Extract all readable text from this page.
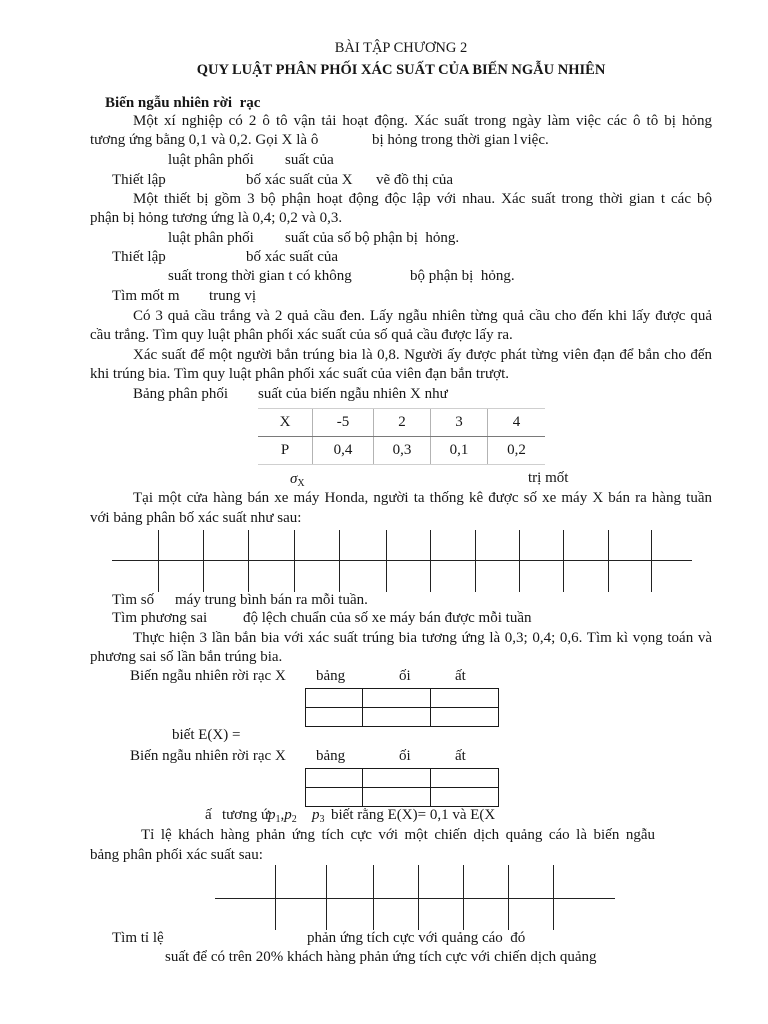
BÀI TẬP CHƯƠNG 2
QUY LUẬT PHÂN PHỐI XÁC SUẤT CỦA BIẾN NGẪU NHIÊN
Biến ngẫu nhiên rời  rạc
Một xí nghiệp có 2 ô tô vận tải hoạt động. Xác suất trong ngày làm việc các ô tô bị hỏng
tương ứng bằng 0,1 và 0,2. Gọi X là ô	bị hỏng trong thời gian l việc.
luật phân phối suất của
Thiết lập	bố xác suất của X vẽ đồ thị của
Một thiết bị gồm 3 bộ phận hoạt động độc lập với nhau. Xác suất trong thời gian t các bộ
phận bị hỏng tương ứng là 0,4; 0,2 và 0,3.
luật phân phối suất của số bộ phận bị  hỏng.
Thiết lập	bố xác suất của
suất trong thời gian t có không	bộ phận bị  hỏng.
Tìm mốt m trung vị
Có 3 quả cầu trắng và 2 quả cầu đen. Lấy ngẫu nhiên từng quả cầu cho đến khi lấy được quả
cầu trắng. Tìm quy luật phân phối xác suất của số quả cầu được lấy ra.
Xác suất để một người bắn trúng bia là 0,8. Người ấy được phát từng viên đạn để bắn cho đến
khi trúng bia. Tìm quy luật phân phối xác suất của viên đạn bắn trượt.
Bảng phân phối suất của biến ngẫu nhiên X như
X	-5	2	3	4
P	0,4	0,3	0,1	0,2
$\sigma_X$	trị mốt
Tại một cửa hàng bán xe máy Honda, người ta thống kê được số xe máy X bán ra hàng tuần
với bảng phân bố xác suất như sau:
Tìm số máy trung bình bán ra mỗi tuần.
Tìm phương sai độ lệch chuẩn của số xe máy bán được mỗi tuần
Thực hiện 3 lần bắn bia với xác suất trúng bia tương ứng là 0,3; 0,4; 0,6. Tìm kì vọng toán và
phương sai số lần bắn trúng bia.
Biến ngẫu nhiên rời rạc X bảng	ối	ất

biết E(X) =
Biến ngẫu nhiên rời rạc X bảng	ối	ất

ấ tương ứ
$p_1,p_2$ $p_3$ biết rằng E(X)= 0,1 và E(X
Tỉ lệ khách hàng phản ứng tích cực với một chiến dịch quảng cáo là biến ngẫu
bảng phân phối xác suất sau:
Tìm tỉ lệ	phản ứng tích cực với quảng cáo  đó
suất để có trên 20% khách hàng phản ứng tích cực với chiến dịch quảng
